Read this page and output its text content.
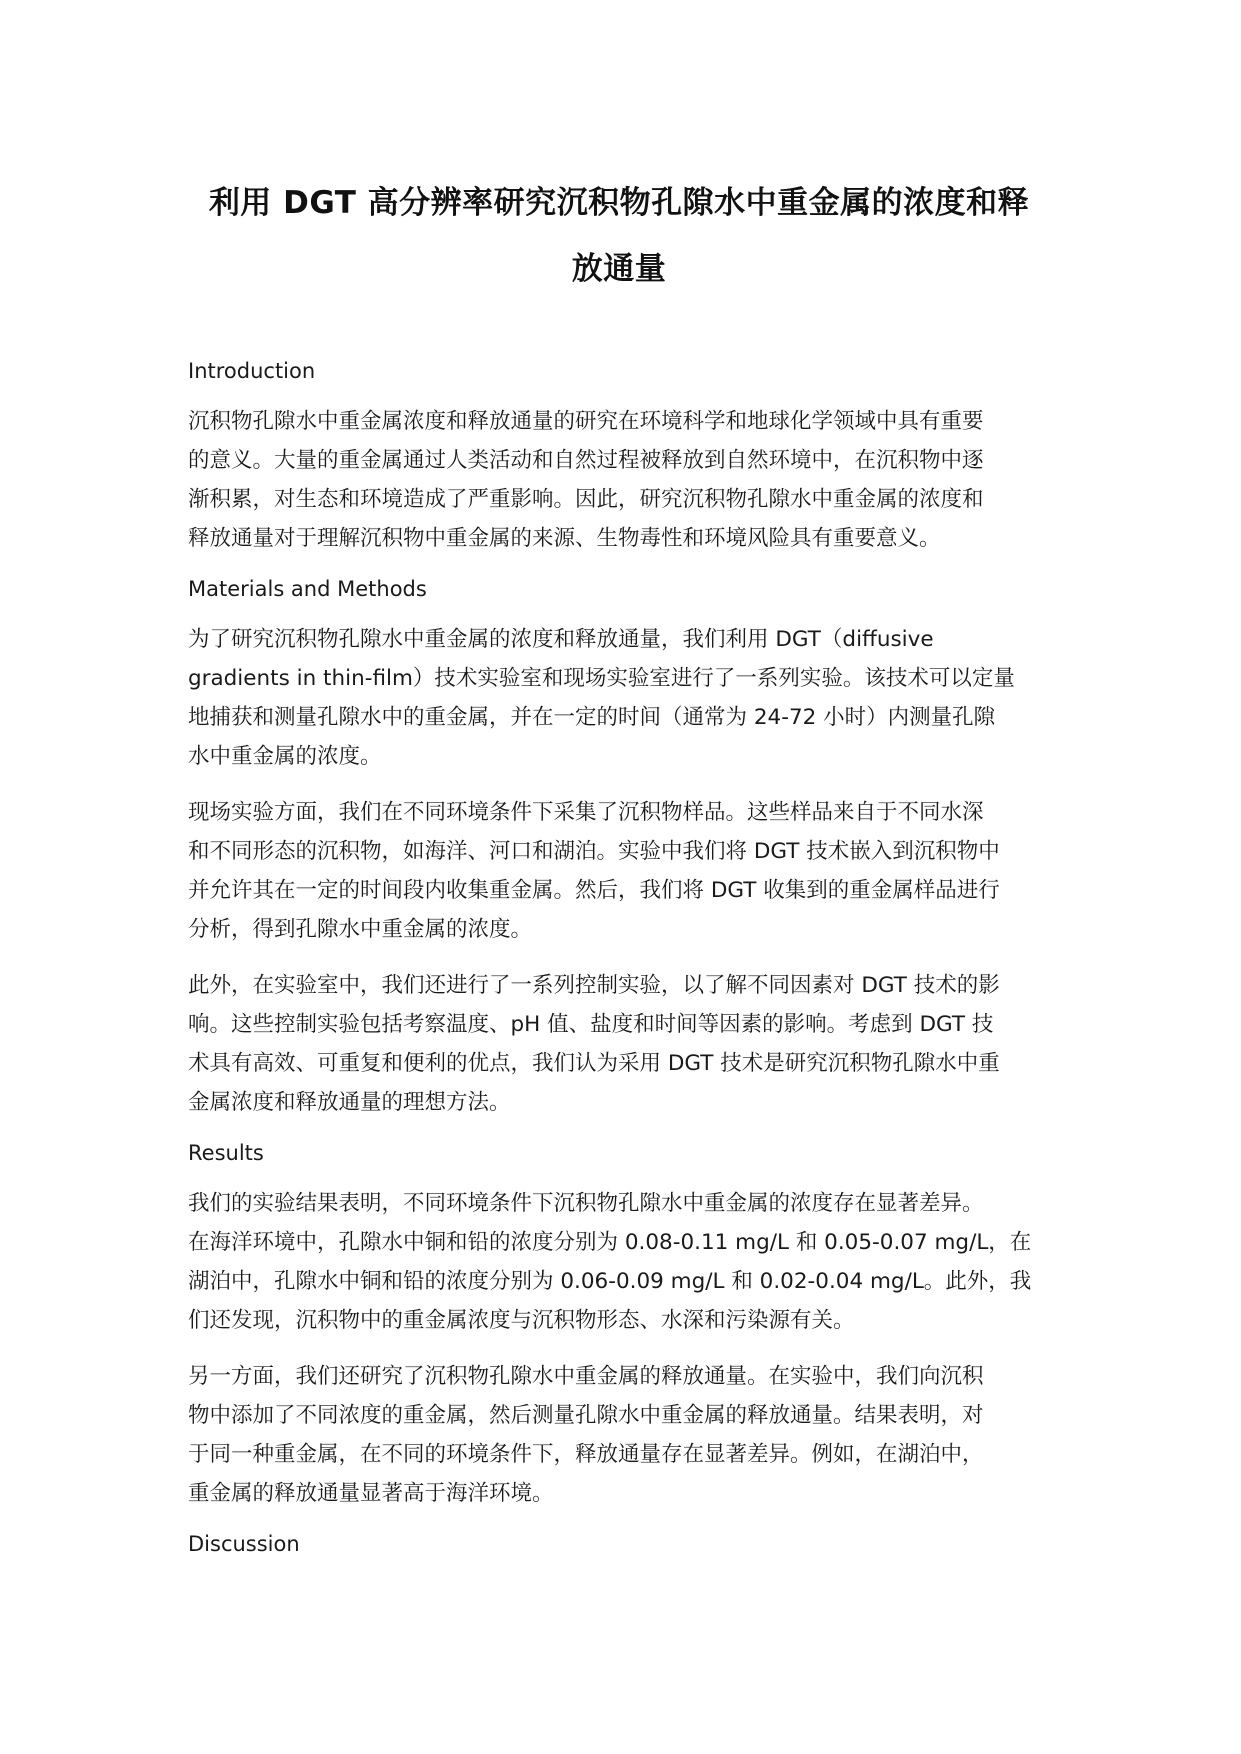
利用 DGT 高分辨率研究沉积物孔隙水中重金属的浓度和释
放通量
Introduction

沉积物孔隙水中重金属浓度和释放通量的研究在环境科学和地球化学领域中具有重要
的意义。大量的重金属通过人类活动和自然过程被释放到自然环境中，在沉积物中逐
渐积累，对生态和环境造成了严重影响。因此，研究沉积物孔隙水中重金属的浓度和
释放通量对于理解沉积物中重金属的来源、生物毒性和环境风险具有重要意义。

Materials and Methods

为了研究沉积物孔隙水中重金属的浓度和释放通量，我们利用 DGT（diffusive
gradients in thin-film）技术实验室和现场实验室进行了一系列实验。该技术可以定量
地捕获和测量孔隙水中的重金属，并在一定的时间（通常为 24-72 小时）内测量孔隙
水中重金属的浓度。

现场实验方面，我们在不同环境条件下采集了沉积物样品。这些样品来自于不同水深
和不同形态的沉积物，如海洋、河口和湖泊。实验中我们将 DGT 技术嵌入到沉积物中
并允许其在一定的时间段内收集重金属。然后，我们将 DGT 收集到的重金属样品进行
分析，得到孔隙水中重金属的浓度。

此外，在实验室中，我们还进行了一系列控制实验，以了解不同因素对 DGT 技术的影
响。这些控制实验包括考察温度、pH 值、盐度和时间等因素的影响。考虑到 DGT 技
术具有高效、可重复和便利的优点，我们认为采用 DGT 技术是研究沉积物孔隙水中重
金属浓度和释放通量的理想方法。

Results

我们的实验结果表明，不同环境条件下沉积物孔隙水中重金属的浓度存在显著差异。
在海洋环境中，孔隙水中铜和铅的浓度分别为 0.08-0.11 mg/L 和 0.05-0.07 mg/L，在
湖泊中，孔隙水中铜和铅的浓度分别为 0.06-0.09 mg/L 和 0.02-0.04 mg/L。此外，我
们还发现，沉积物中的重金属浓度与沉积物形态、水深和污染源有关。

另一方面，我们还研究了沉积物孔隙水中重金属的释放通量。在实验中，我们向沉积
物中添加了不同浓度的重金属，然后测量孔隙水中重金属的释放通量。结果表明，对
于同一种重金属，在不同的环境条件下，释放通量存在显著差异。例如，在湖泊中，
重金属的释放通量显著高于海洋环境。

Discussion
